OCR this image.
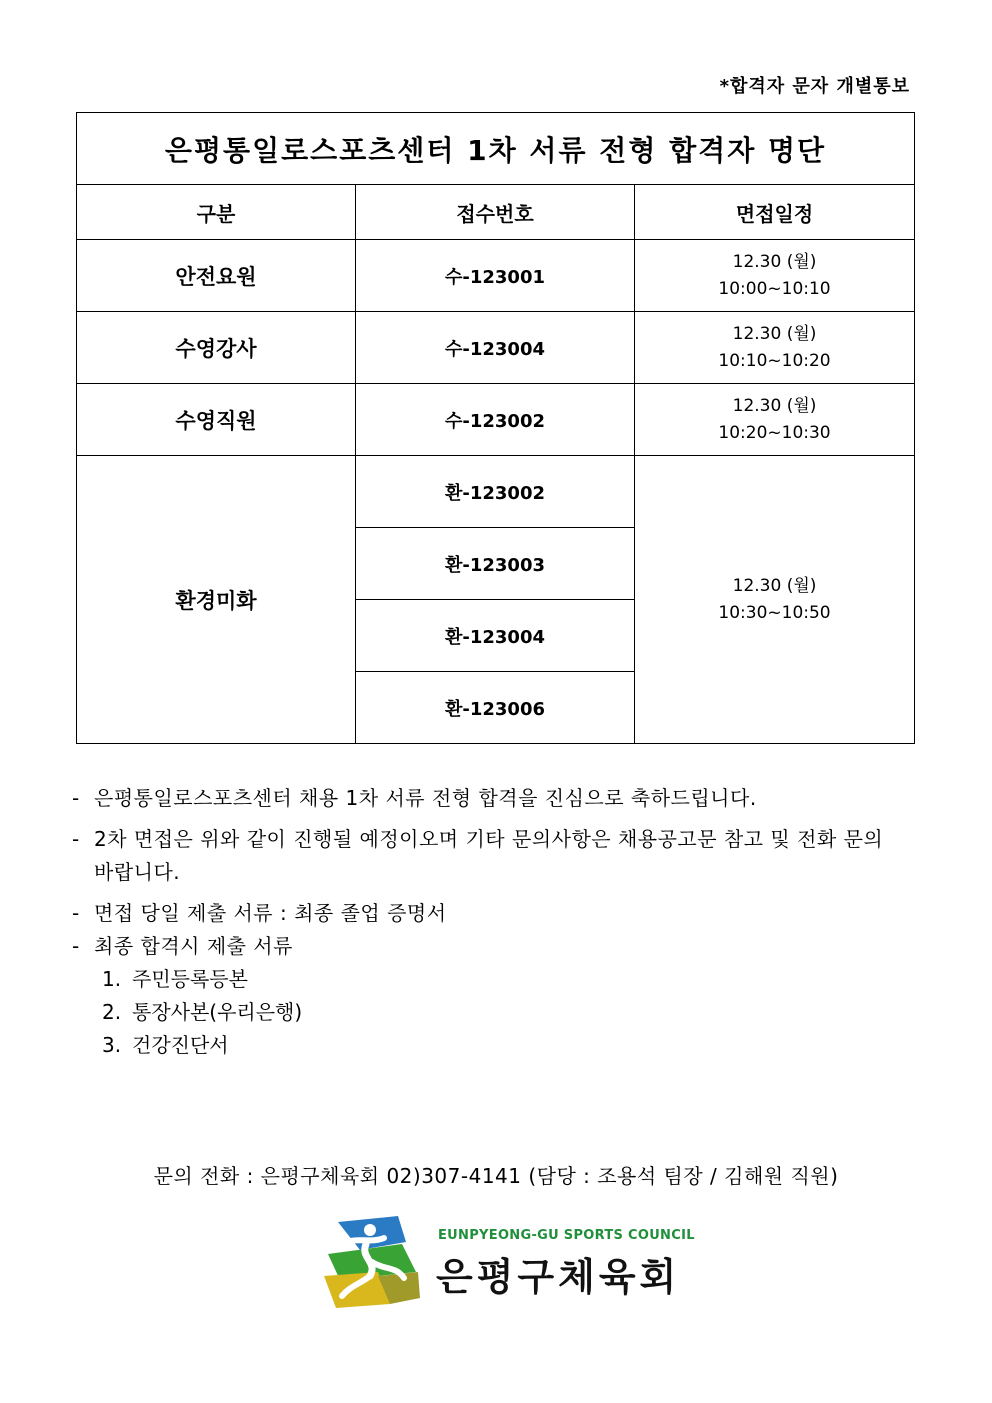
*합격자 문자 개별통보
은평통일로스포츠센터 1차 서류 전형 합격자 명단		
구분	접수번호	면접일정
안전요원	수-123001	12.30 (월)
10:00~10:10

수영강사	수-123004	12.30 (월)
10:10~10:20

수영직원	수-123002	12.30 (월)
10:20~10:30

환경미화	환-123002	12.30 (월)
10:30~10:50

	환-123003	
	환-123004	
	환-123006	
- 은평통일로스포츠센터 채용 1차 서류 전형 합격을 진심으로 축하드립니다.
- 2차 면접은 위와 같이 진행될 예정이오며 기타 문의사항은 채용공고문 참고 및 전화 문의 바랍니다.
- 면접 당일 제출 서류 : 최종 졸업 증명서
- 최종 합격시 제출 서류
1. 주민등록등본
2. 통장사본(우리은행)
3. 건강진단서
문의 전화 : 은평구체육회 02)307-4141 (담당 : 조용석 팀장 / 김해원 직원)
EUNPYEONG-GU SPORTS COUNCIL
은평구체육회
